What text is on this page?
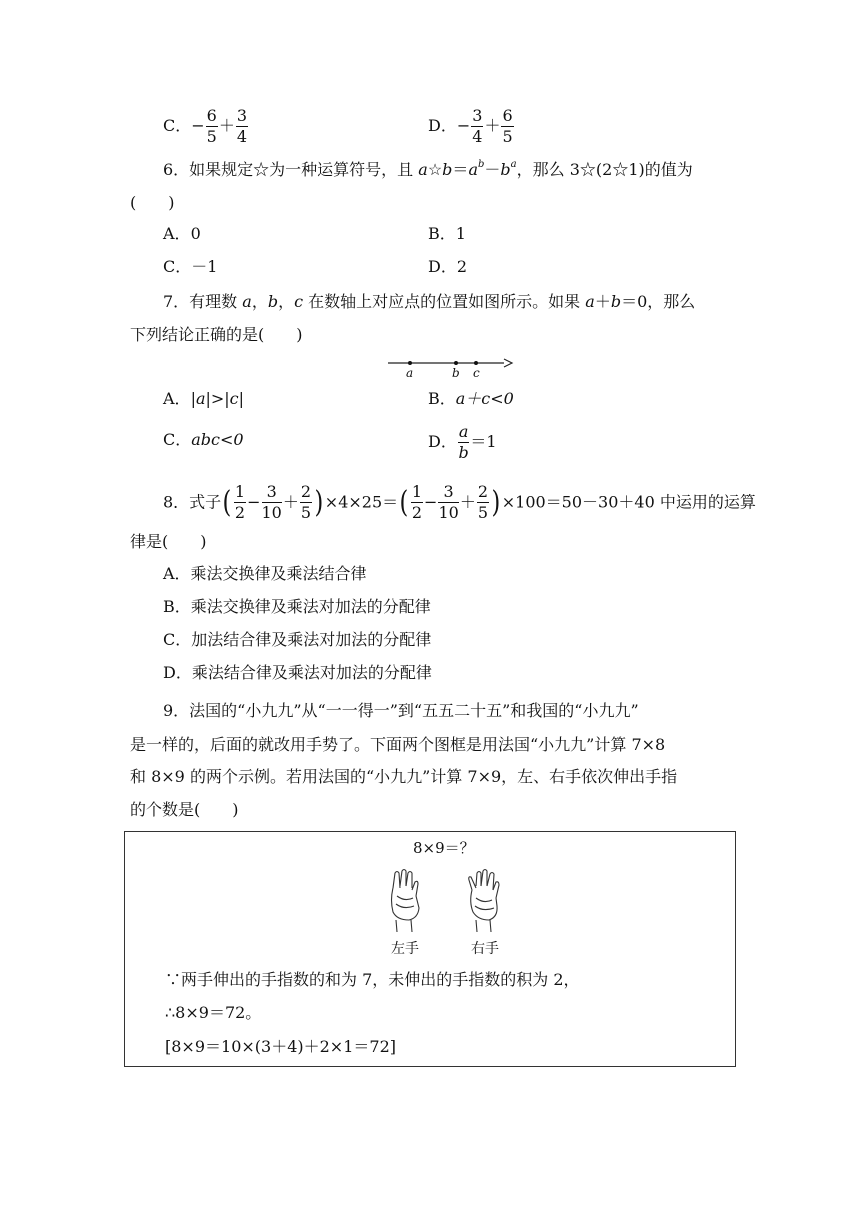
C．− $\frac{6}{5} + \frac{3}{4}$	D．− $\frac{3}{4} + \frac{6}{5}$
6．如果规定☆为一种运算符号，且 $a☆b=a^b-b^a$，那么 3☆(2☆1)的值为
(　　)
A．0	B．1
C．－1	D．2
7．有理数 a，b，c 在数轴上对应点的位置如图所示。如果 a＋b＝0，那么
下列结论正确的是(　　)
a	b c
A．|a|>|c|	B．a＋c<0
C．abc<0	D． $\frac{a}{b} =1$
8．式子( $\frac{1}{2} - \frac{3}{10} + \frac{2}{5} )\times 4\times 25=( \frac{1}{2} - \frac{3}{10} + \frac{2}{5} )\times 100=50-30+40$ 中运用的运算
律是(　　)
A．乘法交换律及乘法结合律
B．乘法交换律及乘法对加法的分配律
C．加法结合律及乘法对加法的分配律
D．乘法结合律及乘法对加法的分配律
9．法国的“小九九”从“一一得一”到“五五二十五”和我国的“小九九”
是一样的，后面的就改用手势了。下面两个图框是用法国“小九九”计算 7×8
和 8×9 的两个示例。若用法国的“小九九”计算 7×9，左、右手依次伸出手指
的个数是(　　)
8×9＝？
左手	右手
∵两手伸出的手指数的和为 7，未伸出的手指数的积为 2，
∴8×9＝72。
[8×9＝10×(3＋4)＋2×1＝72]
